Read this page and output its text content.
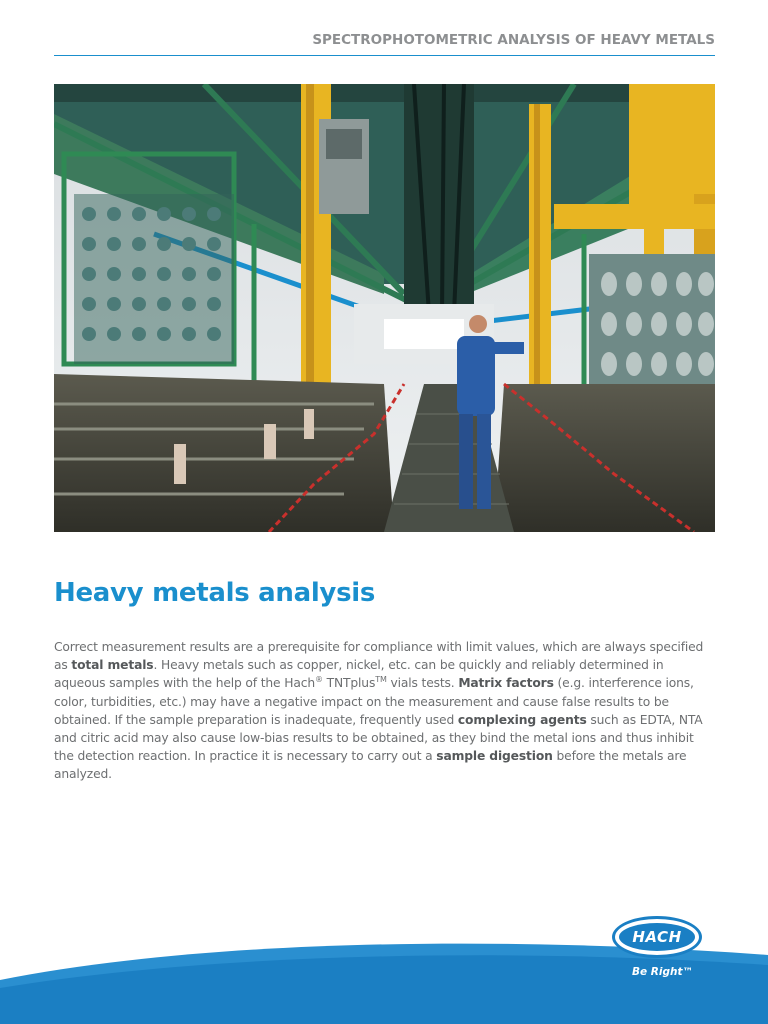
SPECTROPHOTOMETRIC ANALYSIS OF HEAVY METALS
Heavy metals analysis
Correct measurement results are a prerequisite for compliance with limit values, which are always specified as total metals. Heavy metals such as copper, nickel, etc. can be quickly and reliably determined in aqueous samples with the help of the Hach® TNTplus™ vials tests. Matrix factors (e.g. interference ions, color, turbidities, etc.) may have a negative impact on the measurement and cause false results to be obtained. If the sample preparation is inadequate, frequently used complexing agents such as EDTA, NTA and citric acid may also cause low-bias results to be obtained, as they bind the metal ions and thus inhibit the detection reaction. In practice it is necessary to carry out a sample digestion before the metals are analyzed.
HACH
®
Be Right™
